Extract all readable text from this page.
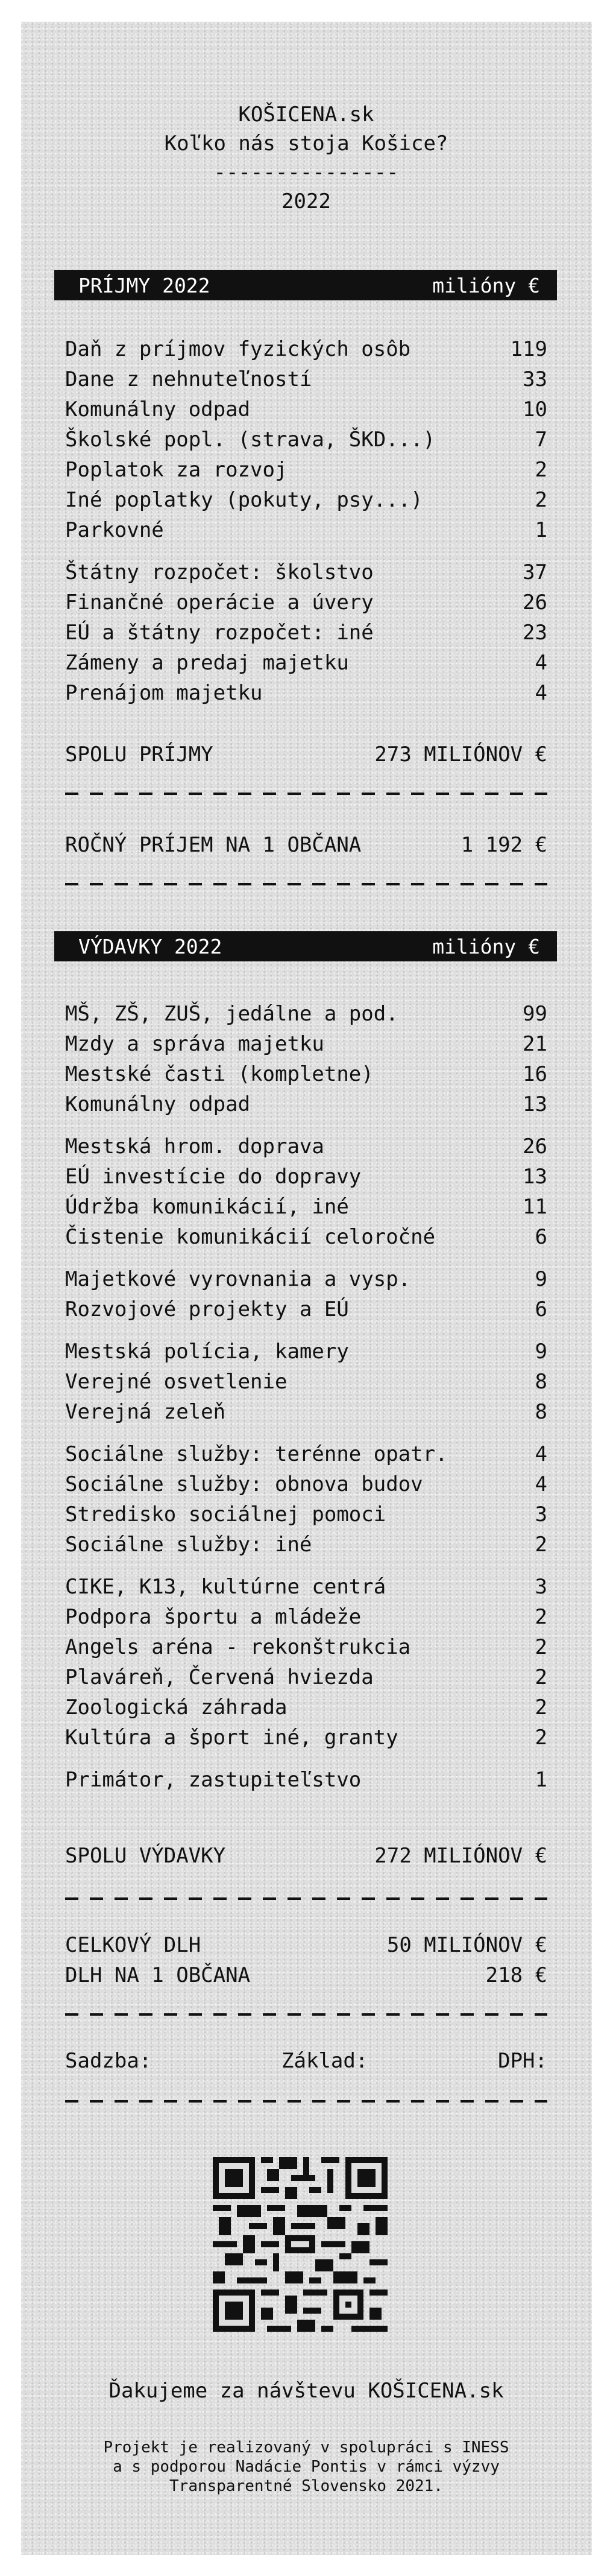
KOŠICENA.sk
Koľko nás stoja Košice?
---------------
2022
PRÍJMY 2022	milióny €
Daň z príjmov fyzických osôb	119
Dane z nehnuteľností	33
Komunálny odpad	10
Školské popl. (strava, ŠKD...)	7
Poplatok za rozvoj	2
Iné poplatky (pokuty, psy...)	2
Parkovné	1
Štátny rozpočet: školstvo	37
Finančné operácie a úvery	26
EÚ a štátny rozpočet: iné	23
Zámeny a predaj majetku	4
Prenájom majetku	4
SPOLU PRÍJMY	273 MILIÓNOV €
ROČNÝ PRÍJEM NA 1 OBČANA	1 192 €
VÝDAVKY 2022	milióny €
MŠ, ZŠ, ZUŠ, jedálne a pod.	99
Mzdy a správa majetku	21
Mestské časti (kompletne)	16
Komunálny odpad	13
Mestská hrom. doprava	26
EÚ investície do dopravy	13
Údržba komunikácií, iné	11
Čistenie komunikácií celoročné	6
Majetkové vyrovnania a vysp.	9
Rozvojové projekty a EÚ	6
Mestská polícia, kamery	9
Verejné osvetlenie	8
Verejná zeleň	8
Sociálne služby: terénne opatr.	4
Sociálne služby: obnova budov	4
Stredisko sociálnej pomoci	3
Sociálne služby: iné	2
CIKE, K13, kultúrne centrá	3
Podpora športu a mládeže	2
Angels aréna - rekonštrukcia	2
Plaváreň, Červená hviezda	2
Zoologická záhrada	2
Kultúra a šport iné, granty	2
Primátor, zastupiteľstvo	1
SPOLU VÝDAVKY	272 MILIÓNOV €
CELKOVÝ DLH	50 MILIÓNOV €
DLH NA 1 OBČANA	218 €
Sadzba:	Základ:	DPH:
Ďakujeme za návštevu KOŠICENA.sk
Projekt je realizovaný v spolupráci s INESS
a s podporou Nadácie Pontis v rámci výzvy
Transparentné Slovensko 2021.
